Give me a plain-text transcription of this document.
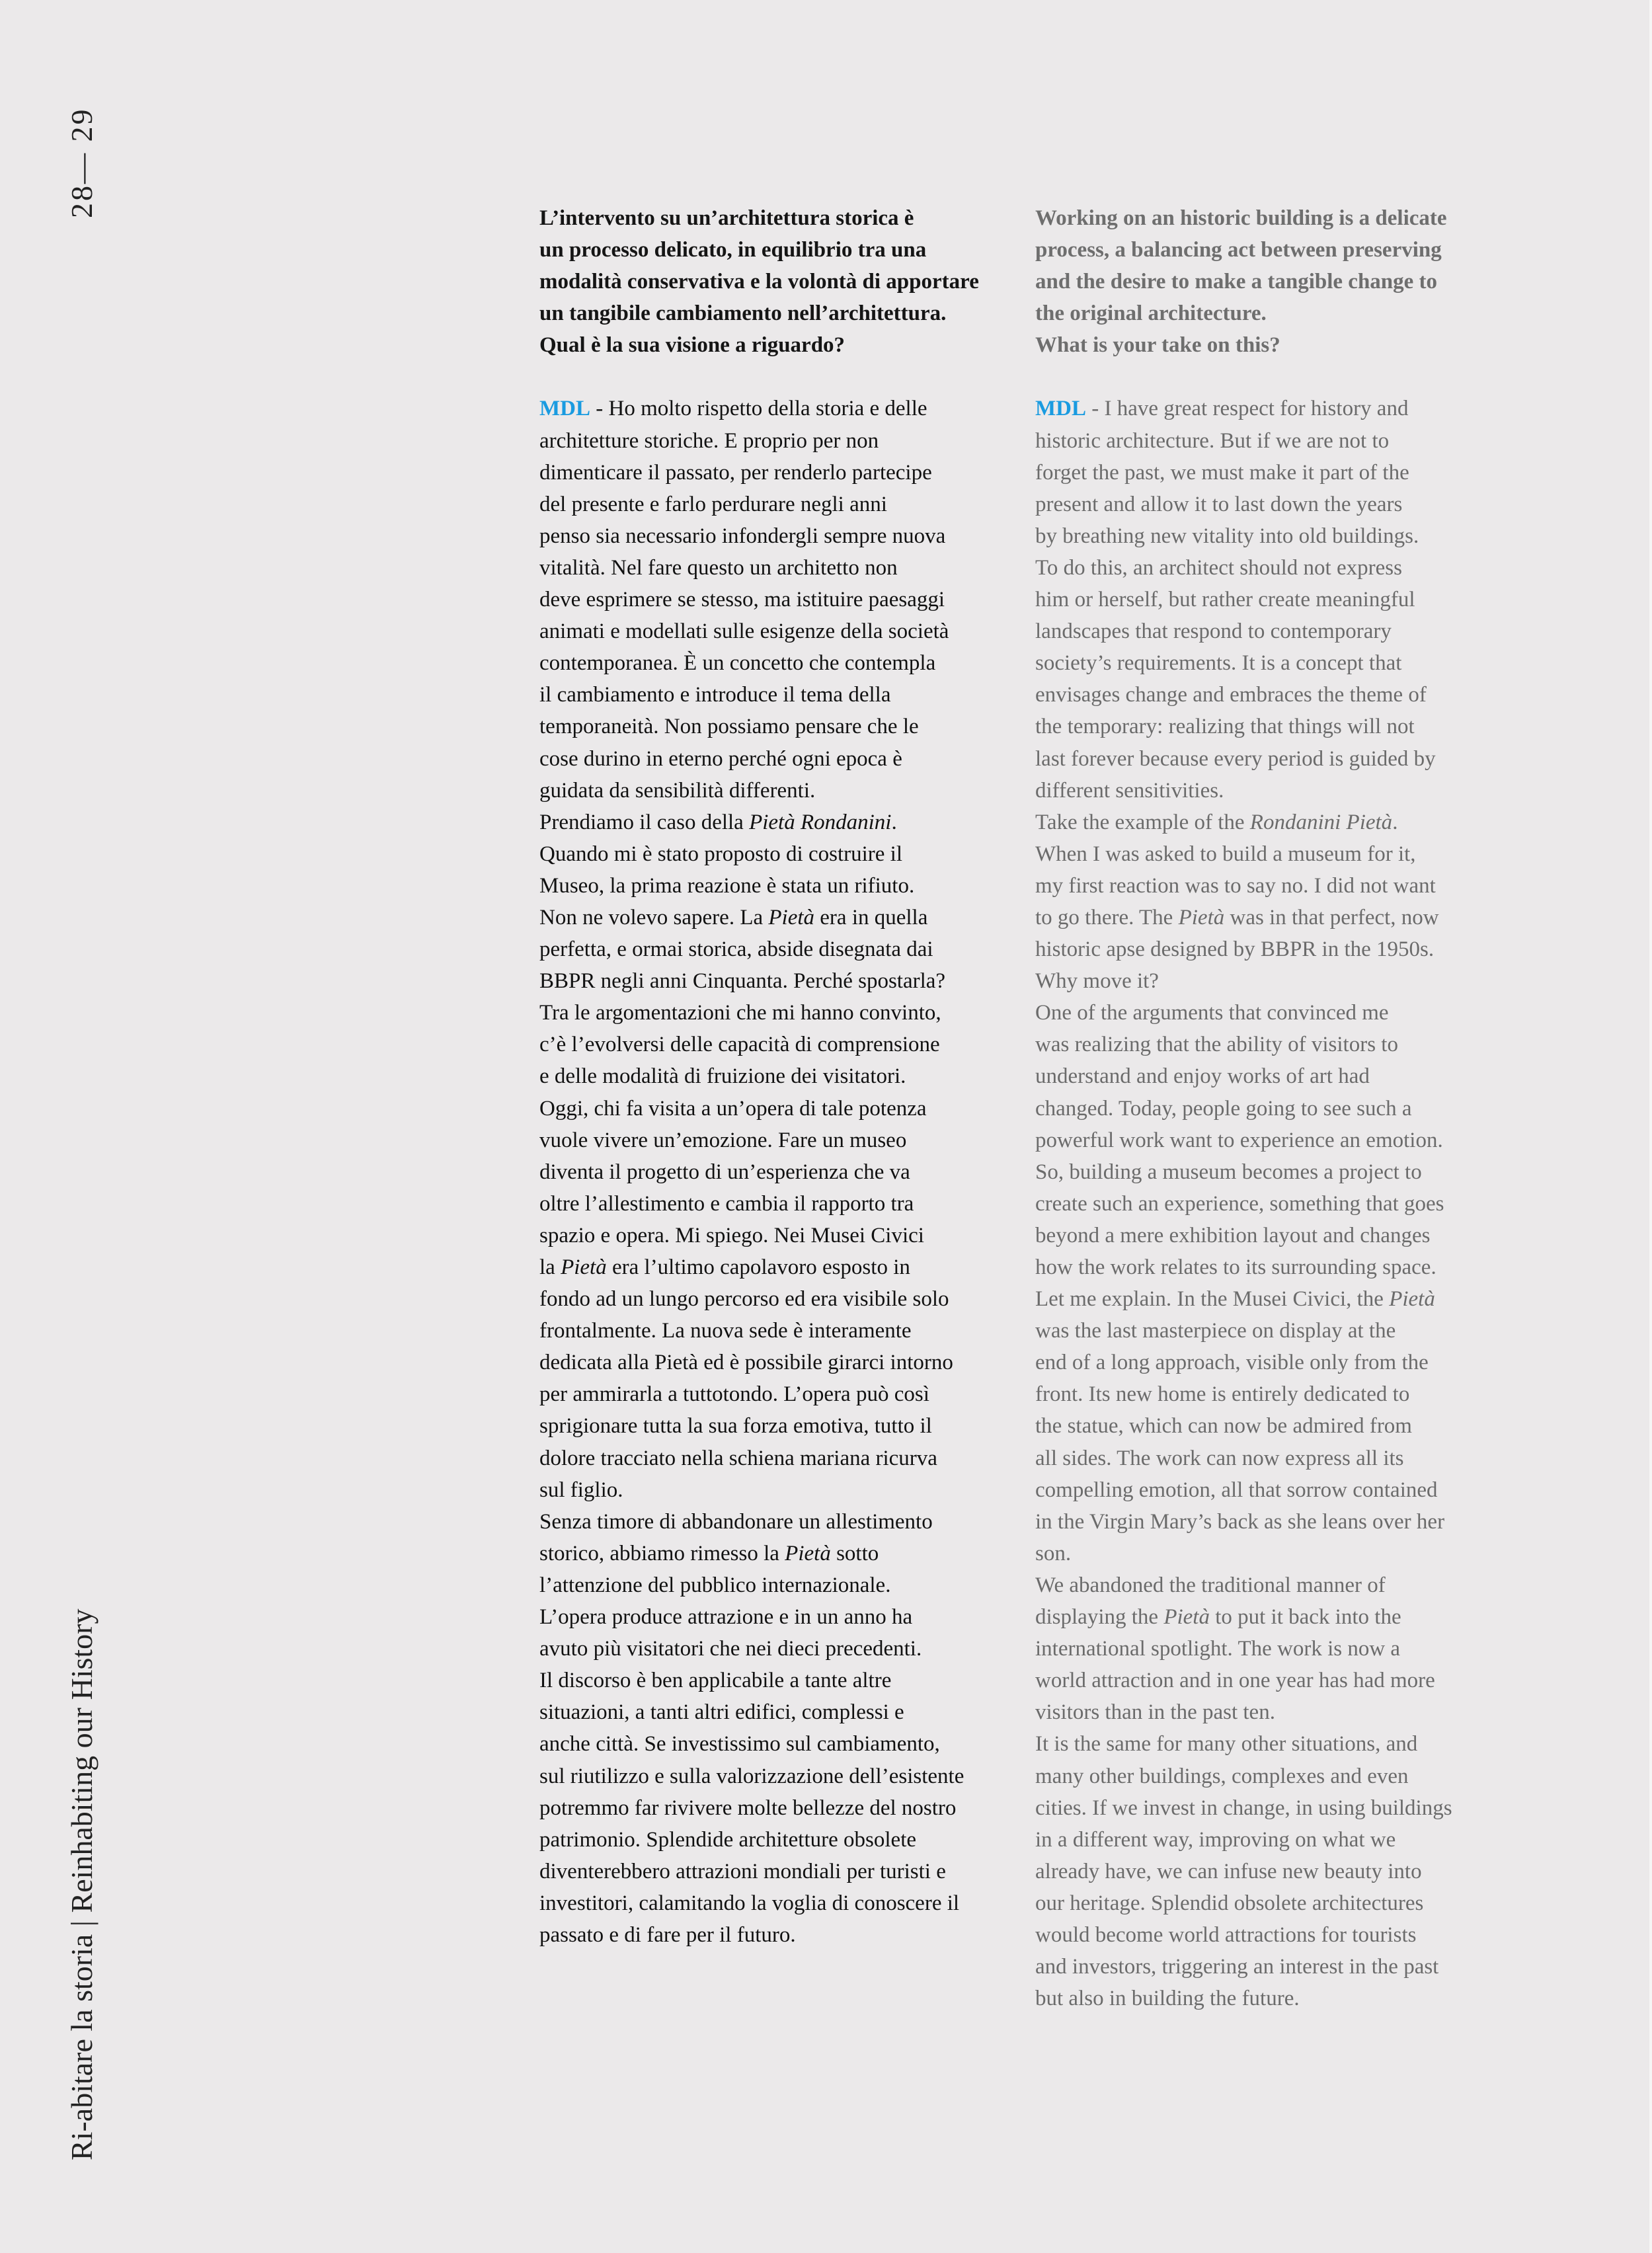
28— 29
Ri-abitare la storia | Reinhabiting our History
L’intervento su un’architettura storica è
un processo delicato, in equilibrio tra una
modalità conservativa e la volontà di apportare
un tangibile cambiamento nell’architettura.
Qual è la sua visione a riguardo?
MDL - Ho molto rispetto della storia e delle
architetture storiche. E proprio per non
dimenticare il passato, per renderlo partecipe
del presente e farlo perdurare negli anni
penso sia necessario infondergli sempre nuova
vitalità. Nel fare questo un architetto non
deve esprimere se stesso, ma istituire paesaggi
animati e modellati sulle esigenze della società
contemporanea. È un concetto che contempla
il cambiamento e introduce il tema della
temporaneità. Non possiamo pensare che le
cose durino in eterno perché ogni epoca è
guidata da sensibilità differenti.
Prendiamo il caso della Pietà Rondanini.
Quando mi è stato proposto di costruire il
Museo, la prima reazione è stata un rifiuto.
Non ne volevo sapere. La Pietà era in quella
perfetta, e ormai storica, abside disegnata dai
BBPR negli anni Cinquanta. Perché spostarla?
Tra le argomentazioni che mi hanno convinto,
c’è l’evolversi delle capacità di comprensione
e delle modalità di fruizione dei visitatori.
Oggi, chi fa visita a un’opera di tale potenza
vuole vivere un’emozione. Fare un museo
diventa il progetto di un’esperienza che va
oltre l’allestimento e cambia il rapporto tra
spazio e opera. Mi spiego. Nei Musei Civici
la Pietà era l’ultimo capolavoro esposto in
fondo ad un lungo percorso ed era visibile solo
frontalmente. La nuova sede è interamente
dedicata alla Pietà ed è possibile girarci intorno
per ammirarla a tuttotondo. L’opera può così
sprigionare tutta la sua forza emotiva, tutto il
dolore tracciato nella schiena mariana ricurva
sul figlio.
Senza timore di abbandonare un allestimento
storico, abbiamo rimesso la Pietà sotto
l’attenzione del pubblico internazionale.
L’opera produce attrazione e in un anno ha
avuto più visitatori che nei dieci precedenti.
Il discorso è ben applicabile a tante altre
situazioni, a tanti altri edifici, complessi e
anche città. Se investissimo sul cambiamento,
sul riutilizzo e sulla valorizzazione dell’esistente
potremmo far rivivere molte bellezze del nostro
patrimonio. Splendide architetture obsolete
diventerebbero attrazioni mondiali per turisti e
investitori, calamitando la voglia di conoscere il
passato e di fare per il futuro.
Working on an historic building is a delicate
process, a balancing act between preserving
and the desire to make a tangible change to
the original architecture.
What is your take on this?
MDL - I have great respect for history and
historic architecture. But if we are not to
forget the past, we must make it part of the
present and allow it to last down the years
by breathing new vitality into old buildings.
To do this, an architect should not express
him or herself, but rather create meaningful
landscapes that respond to contemporary
society’s requirements. It is a concept that
envisages change and embraces the theme of
the temporary: realizing that things will not
last forever because every period is guided by
different sensitivities.
Take the example of the Rondanini Pietà.
When I was asked to build a museum for it,
my first reaction was to say no. I did not want
to go there. The Pietà was in that perfect, now
historic apse designed by BBPR in the 1950s.
Why move it?
One of the arguments that convinced me
was realizing that the ability of visitors to
understand and enjoy works of art had
changed. Today, people going to see such a
powerful work want to experience an emotion.
So, building a museum becomes a project to
create such an experience, something that goes
beyond a mere exhibition layout and changes
how the work relates to its surrounding space.
Let me explain. In the Musei Civici, the Pietà
was the last masterpiece on display at the
end of a long approach, visible only from the
front. Its new home is entirely dedicated to
the statue, which can now be admired from
all sides. The work can now express all its
compelling emotion, all that sorrow contained
in the Virgin Mary’s back as she leans over her
son.
We abandoned the traditional manner of
displaying the Pietà to put it back into the
international spotlight. The work is now a
world attraction and in one year has had more
visitors than in the past ten.
It is the same for many other situations, and
many other buildings, complexes and even
cities. If we invest in change, in using buildings
in a different way, improving on what we
already have, we can infuse new beauty into
our heritage. Splendid obsolete architectures
would become world attractions for tourists
and investors, triggering an interest in the past
but also in building the future.
